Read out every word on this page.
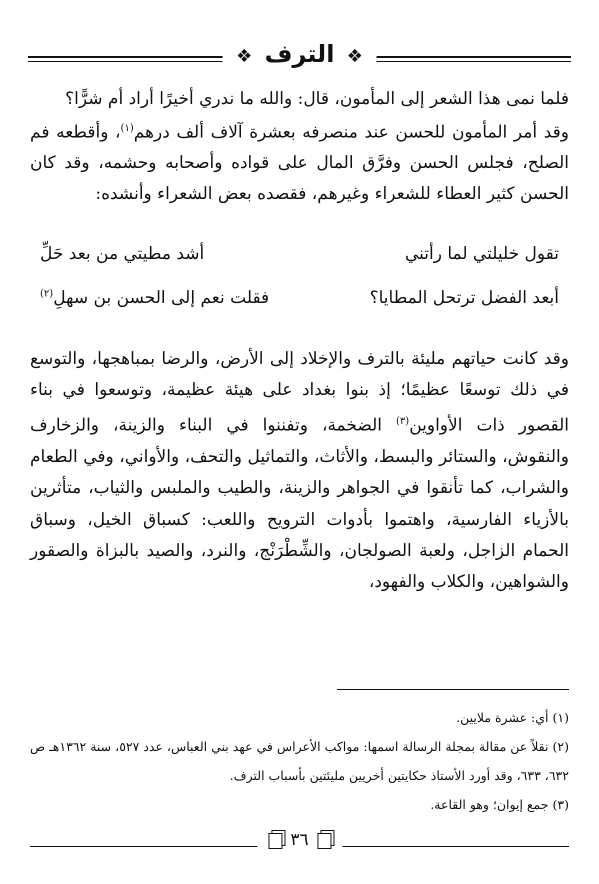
❖ الترف ❖

فلما نمى هذا الشعر إلى المأمون، قال: والله ما ندري أخيرًا أراد أم شرًّا؟

وقد أمر المأمون للحسن عند منصرفه بعشرة آلاف ألف درهم$^{(١)}$، وأقطعه فم الصلح، فجلس الحسن وفرَّق المال على قواده وأصحابه وحشمه، وقد كان الحسن كثير العطاء للشعراء وغيرهم، فقصده بعض الشعراء وأنشده:

تقول خليلتي لما رأتني
أشد مطيتي من بعد حَلِّ
أبعد الفضل ترتحل المطايا؟
فقلت نعم إلى الحسن بن سهلِ$^{(٢)}$
وقد كانت حياتهم مليئة بالترف والإخلاد إلى الأرض، والرضا بمباهجها، والتوسع في ذلك توسعًا عظيمًا؛ إذ بنوا بغداد على هيئة عظيمة، وتوسعوا في بناء القصور ذات الأواوين$^{(٣)}$ الضخمة، وتفننوا في البناء والزينة، والزخارف والنقوش، والستائر والبسط، والأثاث، والتماثيل والتحف، والأواني، وفي الطعام والشراب، كما تأنقوا في الجواهر والزينة، والطيب والملبس والثياب، متأثرين بالأزياء الفارسية، واهتموا بأدوات الترويح واللعب: كسباق الخيل، وسباق الحمام الزاجل، ولعبة الصولجان، والشِّطْرَنْج، والنرد، والصيد بالبزاة والصقور والشواهين، والكلاب والفهود،

(١) أي: عشرة ملايين.

(٢) نقلاً عن مقالة بمجلة الرسالة اسمها: مواكب الأعراس في عهد بني العباس، عدد ٥٢٧، سنة ١٣٦٢هـ ص ٦٣٢، ٦٣٣، وقد أورد الأستاذ حكايتين أخريين مليئتين بأسباب الترف.

(٣) جمع إيوان؛ وهو القاعة.

٣٦
